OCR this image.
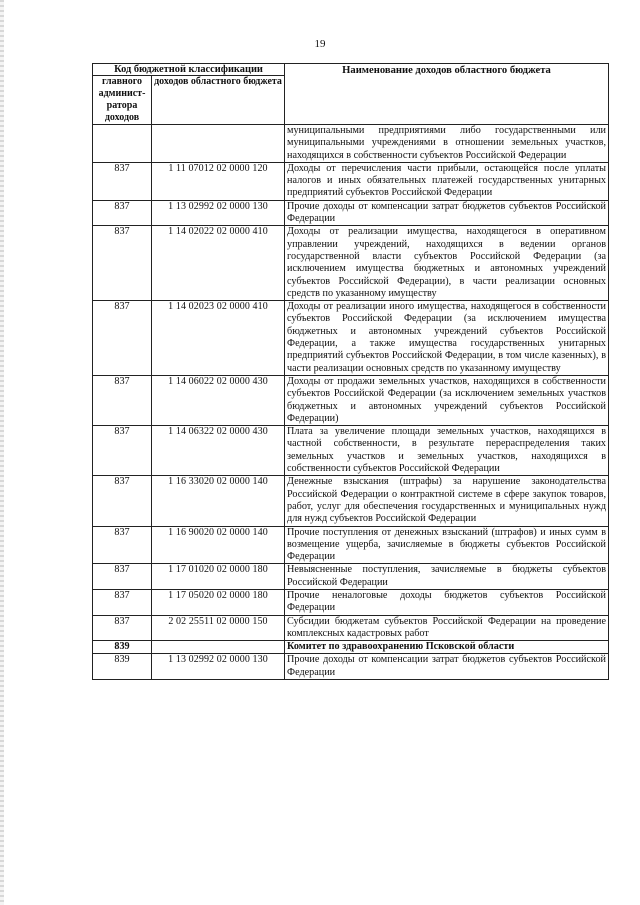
19
Код бюджетной классификации		Наименование доходов областного бюджета
главного админист-ратора доходов	доходов областного бюджета	
		муниципальными предприятиями либо государственными или муниципальными учреждениями в отношении земельных участков, находящихся в собственности субъектов Российской Федерации
837	1 11 07012 02 0000 120	Доходы от перечисления части прибыли, остающейся после уплаты налогов и иных обязательных платежей государственных унитарных предприятий субъектов Российской Федерации
837	1 13 02992 02 0000 130	Прочие доходы от компенсации затрат бюджетов субъектов Российской Федерации
837	1 14 02022 02 0000 410	Доходы от реализации имущества, находящегося в оперативном управлении учреждений, находящихся в ведении органов государственной власти субъектов Российской Федерации (за исключением имущества бюджетных и автономных учреждений субъектов Российской Федерации), в части реализации основных средств по указанному имуществу
837	1 14 02023 02 0000 410	Доходы от реализации иного имущества, находящегося в собственности субъектов Российской Федерации (за исключением имущества бюджетных и автономных учреждений субъектов Российской Федерации, а также имущества государственных унитарных предприятий субъектов Российской Федерации, в том числе казенных), в части реализации основных средств по указанному имуществу
837	1 14 06022 02 0000 430	Доходы от продажи земельных участков, находящихся в собственности субъектов Российской Федерации (за исключением земельных участков бюджетных и автономных учреждений субъектов Российской Федерации)
837	1 14 06322 02 0000 430	Плата за увеличение площади земельных участков, находящихся в частной собственности, в результате перераспределения таких земельных участков и земельных участков, находящихся в собственности субъектов Российской Федерации
837	1 16 33020 02 0000 140	Денежные взыскания (штрафы) за нарушение законодательства Российской Федерации о контрактной системе в сфере закупок товаров, работ, услуг для обеспечения государственных и муниципальных нужд для нужд субъектов Российской Федерации
837	1 16 90020 02 0000 140	Прочие поступления от денежных взысканий (штрафов) и иных сумм в возмещение ущерба, зачисляемые в бюджеты субъектов Российской Федерации
837	1 17 01020 02 0000 180	Невыясненные поступления, зачисляемые в бюджеты субъектов Российской Федерации
837	1 17 05020 02 0000 180	Прочие неналоговые доходы бюджетов субъектов Российской Федерации
837	2 02 25511 02 0000 150	Субсидии бюджетам субъектов Российской Федерации на проведение комплексных кадастровых работ
839		Комитет по здравоохранению Псковской области
839	1 13 02992 02 0000 130	Прочие доходы от компенсации затрат бюджетов субъектов Российской Федерации
